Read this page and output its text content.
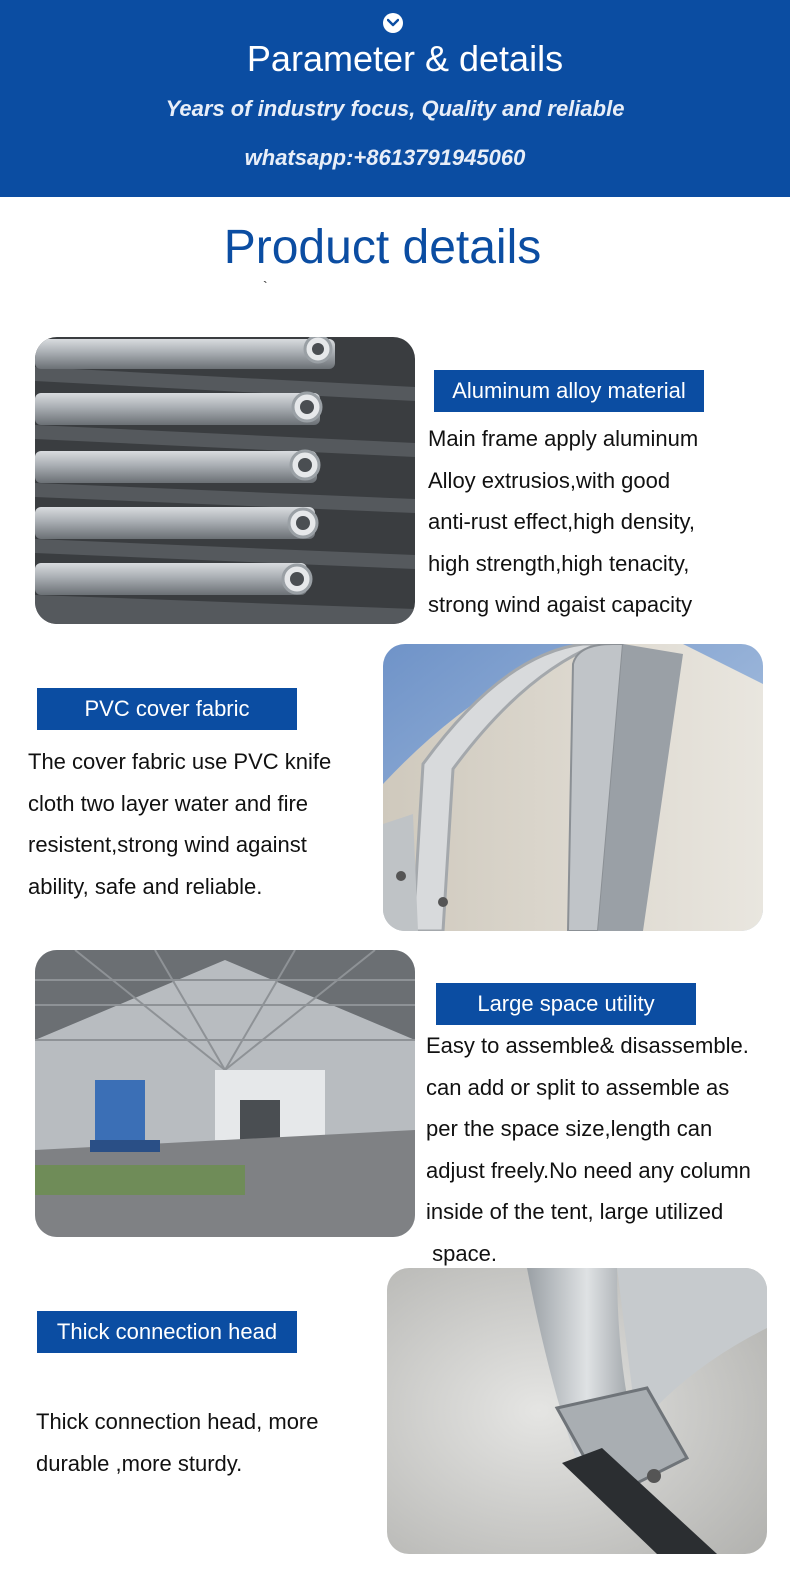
Parameter & details
Years of industry focus, Quality and reliable
whatsapp:+8613791945060
Product details
`
Aluminum alloy material
Main frame apply aluminum
Alloy extrusios,with good
anti-rust effect,high density,
high strength,high tenacity,
strong wind agaist capacity
PVC cover fabric
The cover fabric use PVC knife
cloth two layer water and fire
resistent,strong wind against
ability, safe and reliable.
Large space utility
Easy to assemble& disassemble.
can add or split to assemble as
per the space size,length can
adjust freely.No need any column
inside of the tent, large utilized
space.
Thick connection head
Thick connection head, more
durable ,more sturdy.
